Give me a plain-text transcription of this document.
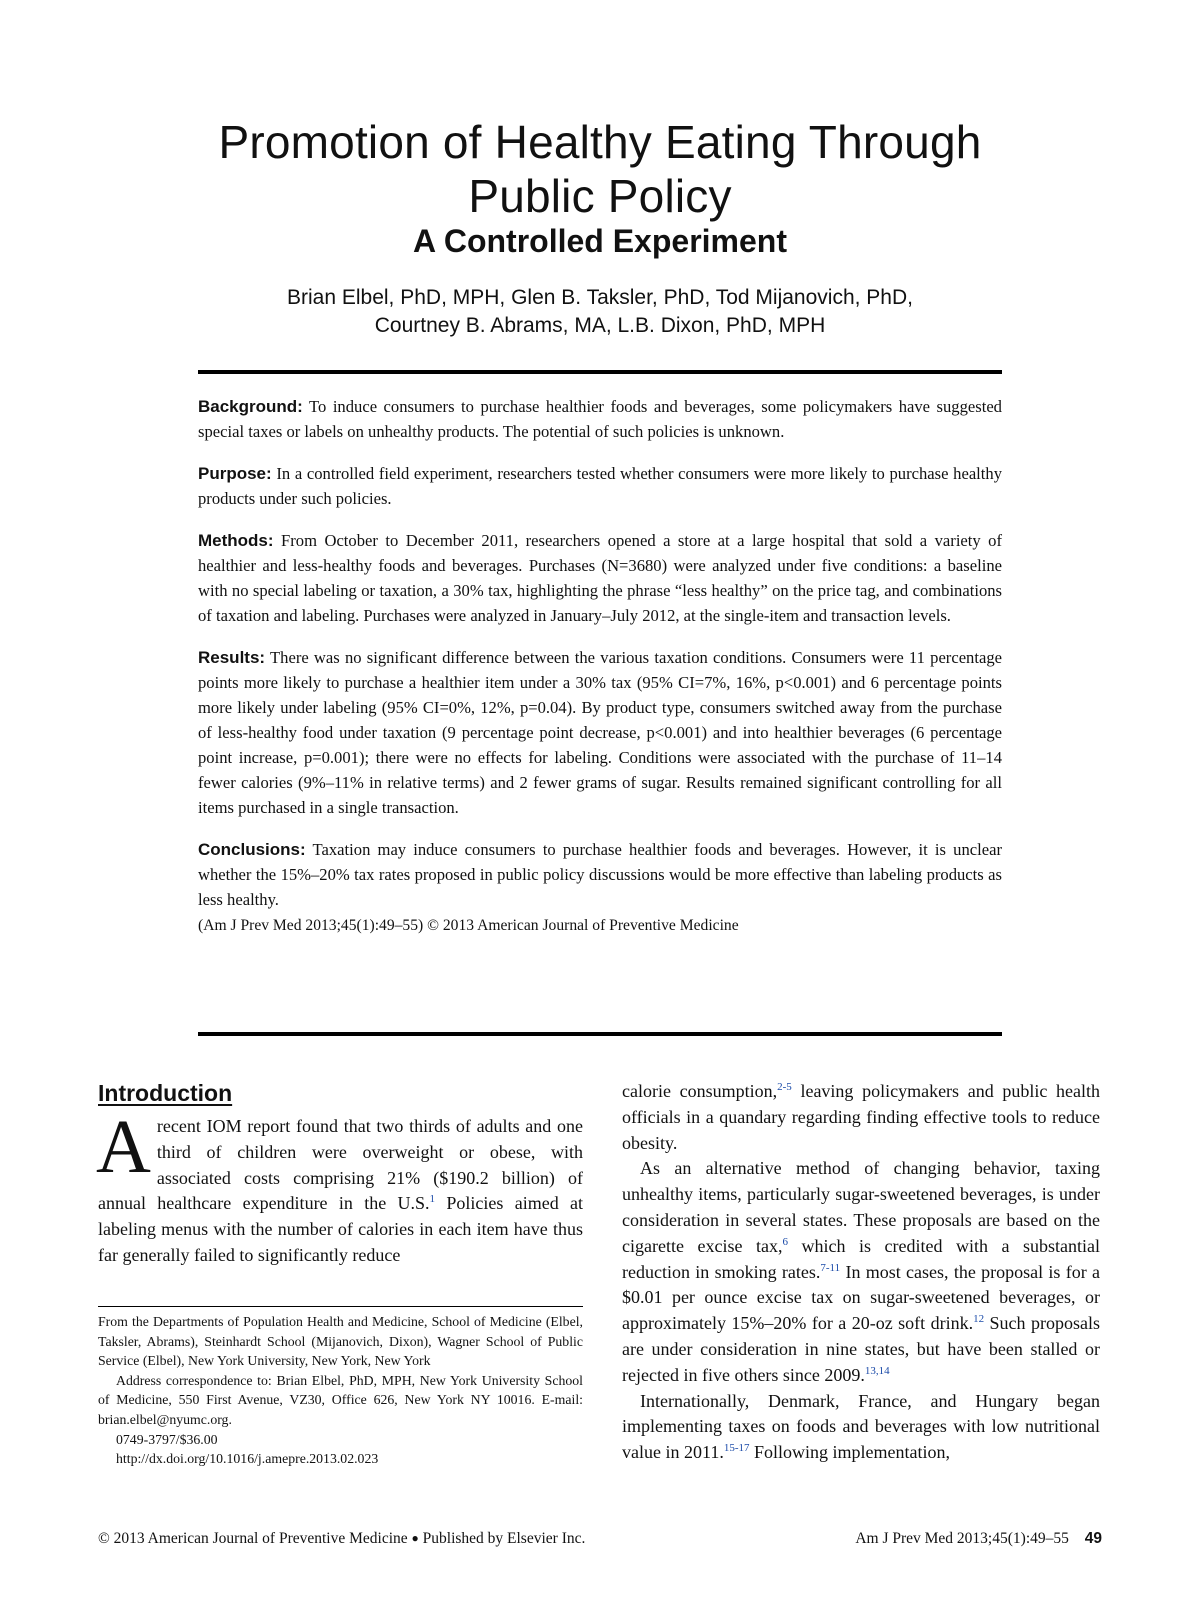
Promotion of Healthy Eating Through
Public Policy
A Controlled Experiment

Brian Elbel, PhD, MPH, Glen B. Taksler, PhD, Tod Mijanovich, PhD,
Courtney B. Abrams, MA, L.B. Dixon, PhD, MPH

Background: To induce consumers to purchase healthier foods and beverages, some policymakers have suggested special taxes or labels on unhealthy products. The potential of such policies is unknown.

Purpose: In a controlled field experiment, researchers tested whether consumers were more likely to purchase healthy products under such policies.

Methods: From October to December 2011, researchers opened a store at a large hospital that sold a variety of healthier and less-healthy foods and beverages. Purchases (N=3680) were analyzed under five conditions: a baseline with no special labeling or taxation, a 30% tax, highlighting the phrase “less healthy” on the price tag, and combinations of taxation and labeling. Purchases were analyzed in January–July 2012, at the single-item and transaction levels.

Results: There was no significant difference between the various taxation conditions. Consumers were 11 percentage points more likely to purchase a healthier item under a 30% tax (95% CI=7%, 16%, p<0.001) and 6 percentage points more likely under labeling (95% CI=0%, 12%, p=0.04). By product type, consumers switched away from the purchase of less-healthy food under taxation (9 percentage point decrease, p<0.001) and into healthier beverages (6 percentage point increase, p=0.001); there were no effects for labeling. Conditions were associated with the purchase of 11–14 fewer calories (9%–11% in relative terms) and 2 fewer grams of sugar. Results remained significant controlling for all items purchased in a single transaction.

Conclusions: Taxation may induce consumers to purchase healthier foods and beverages. However, it is unclear whether the 15%–20% tax rates proposed in public policy discussions would be more effective than labeling products as less healthy.

(Am J Prev Med 2013;45(1):49–55) © 2013 American Journal of Preventive Medicine

Introduction

A recent IOM report found that two thirds of adults and one third of children were overweight or obese, with associated costs comprising 21% ($190.2 billion) of annual healthcare expenditure in the U.S.$^1$ Policies aimed at labeling menus with the number of calories in each item have thus far generally failed to significantly reduce

From the Departments of Population Health and Medicine, School of Medicine (Elbel, Taksler, Abrams), Steinhardt School (Mijanovich, Dixon), Wagner School of Public Service (Elbel), New York University, New York, New York

Address correspondence to: Brian Elbel, PhD, MPH, New York University School of Medicine, 550 First Avenue, VZ30, Office 626, New York NY 10016. E-mail: brian.elbel@nyumc.org.

0749-3797/$36.00

http://dx.doi.org/10.1016/j.amepre.2013.02.023

calorie consumption,$^{2-5}$ leaving policymakers and public health officials in a quandary regarding finding effective tools to reduce obesity.

As an alternative method of changing behavior, taxing unhealthy items, particularly sugar-sweetened beverages, is under consideration in several states. These proposals are based on the cigarette excise tax,$^6$ which is credited with a substantial reduction in smoking rates.$^{7-11}$ In most cases, the proposal is for a $0.01 per ounce excise tax on sugar-sweetened beverages, or approximately 15%–20% for a 20-oz soft drink.$^{12}$ Such proposals are under consideration in nine states, but have been stalled or rejected in five others since 2009.$^{13,14}$

Internationally, Denmark, France, and Hungary began implementing taxes on foods and beverages with low nutritional value in 2011.$^{15-17}$ Following implementation,

© 2013 American Journal of Preventive Medicine ● Published by Elsevier Inc.	Am J Prev Med 2013;45(1):49–55 49
